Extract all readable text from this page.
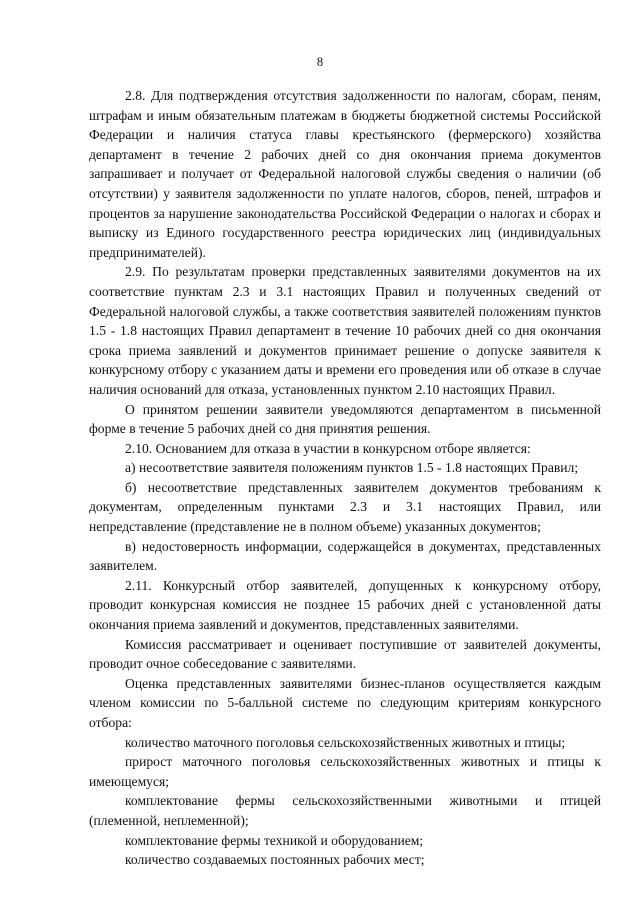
8

2.8. Для подтверждения отсутствия задолженности по налогам, сборам, пеням, штрафам и иным обязательным платежам в бюджеты бюджетной системы Российской Федерации и наличия статуса главы крестьянского (фермерского) хозяйства департамент в течение 2 рабочих дней со дня окончания приема документов запрашивает и получает от Федеральной налоговой службы сведения о наличии (об отсутствии) у заявителя задолженности по уплате налогов, сборов, пеней, штрафов и процентов за нарушение законодательства Российской Федерации о налогах и сборах и выписку из Единого государственного реестра юридических лиц (индивидуальных предпринимателей).

2.9. По результатам проверки представленных заявителями документов на их соответствие пунктам 2.3 и 3.1 настоящих Правил и полученных сведений от Федеральной налоговой службы, а также соответствия заявителей положениям пунктов 1.5 - 1.8 настоящих Правил департамент в течение 10 рабочих дней со дня окончания срока приема заявлений и документов принимает решение о допуске заявителя к конкурсному отбору с указанием даты и времени его проведения или об отказе в случае наличия оснований для отказа, установленных пунктом 2.10 настоящих Правил.

О принятом решении заявители уведомляются департаментом в письменной форме в течение 5 рабочих дней со дня принятия решения.

2.10. Основанием для отказа в участии в конкурсном отборе является:

а) несоответствие заявителя положениям пунктов 1.5 - 1.8 настоящих Правил;

б) несоответствие представленных заявителем документов требованиям к документам, определенным пунктами 2.3 и 3.1 настоящих Правил, или непредставление (представление не в полном объеме) указанных документов;

в) недостоверность информации, содержащейся в документах, представленных заявителем.

2.11. Конкурсный отбор заявителей, допущенных к конкурсному отбору, проводит конкурсная комиссия не позднее 15 рабочих дней с установленной даты окончания приема заявлений и документов, представленных заявителями.

Комиссия рассматривает и оценивает поступившие от заявителей документы, проводит очное собеседование с заявителями.

Оценка представленных заявителями бизнес-планов осуществляется каждым членом комиссии по 5-балльной системе по следующим критериям конкурсного отбора:

количество маточного поголовья сельскохозяйственных животных и птицы;

прирост маточного поголовья сельскохозяйственных животных и птицы к имеющемуся;

комплектование фермы сельскохозяйственными животными и птицей (племенной, неплеменной);

комплектование фермы техникой и оборудованием;

количество создаваемых постоянных рабочих мест;
